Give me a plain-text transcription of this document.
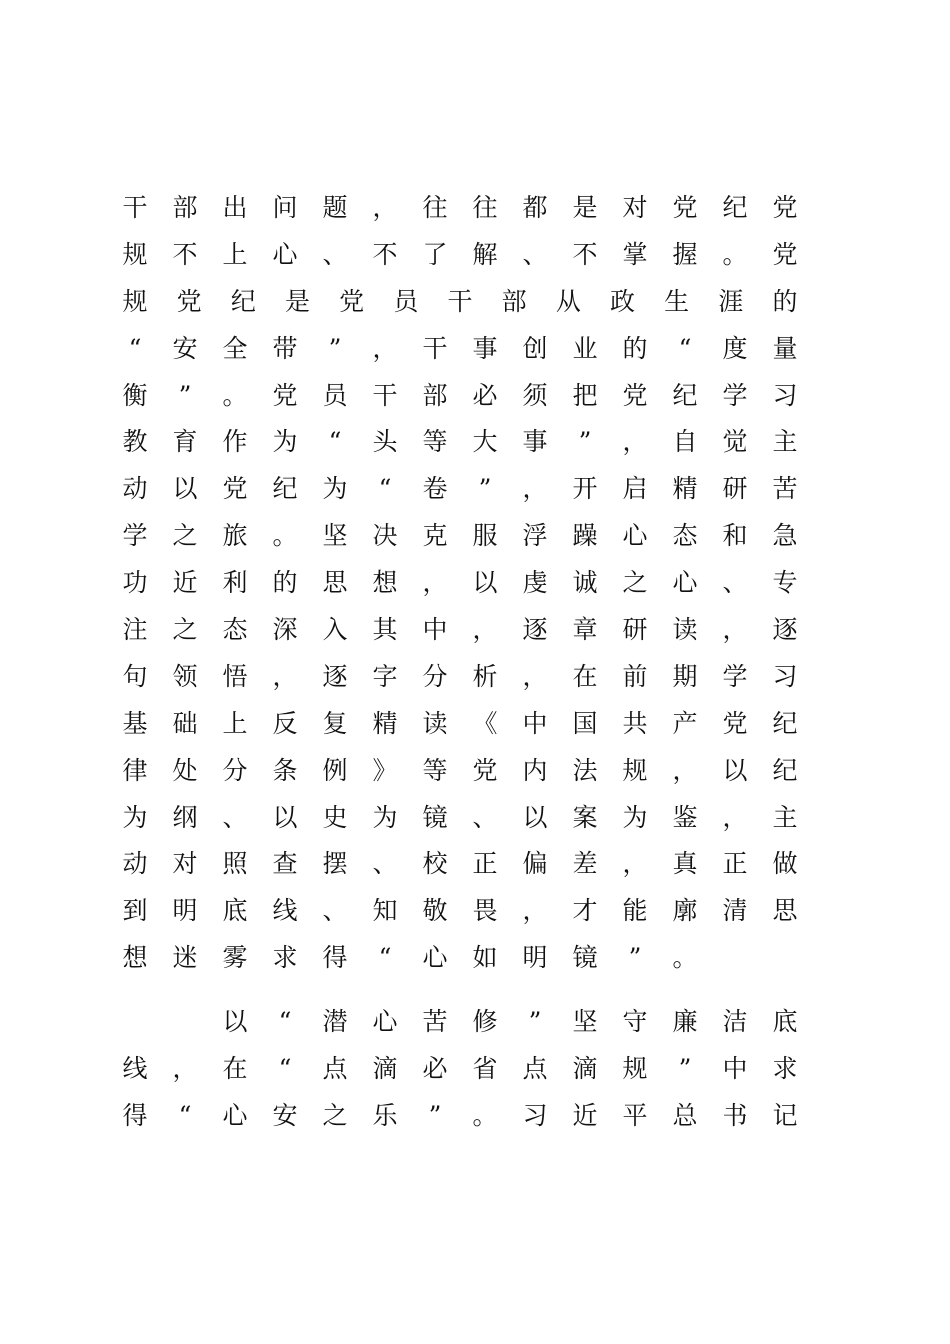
干 部 出 问 题 ， 往 往 都 是 对 党 纪 党
规 不 上 心 、 不 了 解 、 不 掌 握 。 党
规 党 纪 是 党 员 干 部 从 政 生 涯 的
“	安 全 带	”	， 干 事 创 业 的	“	度 量
衡	”	。 党 员 干 部 必 须 把 党 纪 学 习
教 育 作 为	“	头 等 大 事	”	， 自 觉 主
动 以 党 纪 为	“	卷	”	， 开 启 精 研 苦
学 之 旅 。 坚 决 克 服 浮 躁 心 态 和 急
功 近 利 的 思 想 ， 以 虔 诚 之 心 、 专
注 之 态 深 入 其 中 ， 逐 章 研 读 ， 逐
句 领 悟 ， 逐 字 分 析 ， 在 前 期 学 习
基 础 上 反 复 精 读 《 中 国 共 产 党 纪
律 处 分 条 例 》 等 党 内 法 规 ， 以 纪
为 纲 、 以 史 为 镜 、 以 案 为 鉴 ， 主
动 对 照 查 摆 、 校 正 偏 差 ， 真 正 做
到 明 底 线 、 知 敬 畏 ， 才 能 廓 清 思
想 迷 雾 求 得	“	心 如 明 镜	”	。
以	“	潜 心 苦 修	”	坚 守 廉 洁 底
线 ， 在	“	点 滴 必 省 点 滴 规	”	中 求
得	“	心 安 之 乐	”	。 习 近 平 总 书 记
